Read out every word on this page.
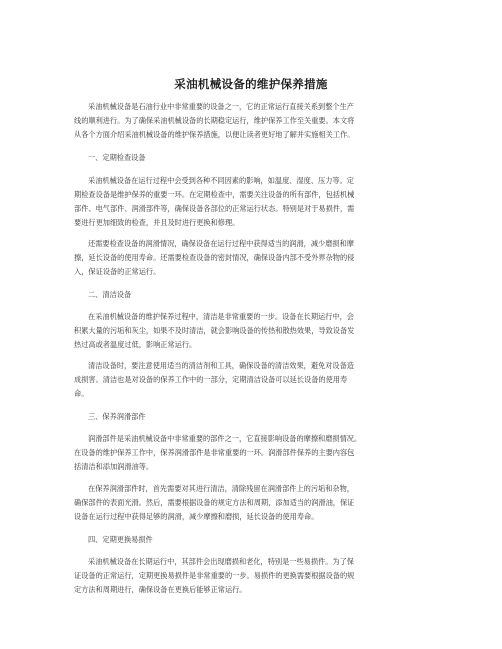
采油机械设备的维护保养措施
采油机械设备是石油行业中非常重要的设备之一，它的正常运行直接关系到整个生产
线的顺利进行。为了确保采油机械设备的长期稳定运行，维护保养工作至关重要。本文将
从各个方面介绍采油机械设备的维护保养措施，以便让读者更好地了解并实施相关工作。
一、定期检查设备
采油机械设备在运行过程中会受到各种不同因素的影响，如温度、湿度、压力等。定
期检查设备是维护保养的重要一环。在定期检查中，需要关注设备的所有部件，包括机械
部件、电气部件、润滑部件等，确保设备各部位的正常运行状态。特别是对于易损件，需
要进行更加细致的检查，并且及时进行更换和修理。
还需要检查设备的润滑情况，确保设备在运行过程中获得适当的润滑，减少磨损和摩
擦，延长设备的使用寿命。还需要检查设备的密封情况，确保设备内部不受外界杂物的侵
入，保证设备的正常运行。
二、清洁设备
在采油机械设备的维护保养过程中，清洁是非常重要的一步。设备在长期运行中，会
积累大量的污垢和灰尘，如果不及时清洁，就会影响设备的传热和散热效果，导致设备发
热过高或者温度过低，影响正常运行。
清洁设备时，要注意使用适当的清洁剂和工具，确保设备的清洁效果，避免对设备造
成损害。清洁也是对设备的保养工作中的一部分，定期清洁设备可以延长设备的使用寿
命。
三、保养润滑部件
润滑部件是采油机械设备中非常重要的部件之一，它直接影响设备的摩擦和磨损情况。
在设备的维护保养工作中，保养润滑部件是非常重要的一环。润滑部件保养的主要内容包
括清洁和添加润滑油等。
在保养润滑部件时，首先需要对其进行清洁，清除残留在润滑部件上的污垢和杂物，
确保部件的表面光滑。然后，需要根据设备的规定方法和周期，添加适当的润滑油，保证
设备在运行过程中获得足够的润滑，减少摩擦和磨损，延长设备的使用寿命。
四、定期更换易损件
采油机械设备在长期运行中，其部件会出现磨损和老化，特别是一些易损件。为了保
证设备的正常运行，定期更换易损件是非常重要的一步。易损件的更换需要根据设备的规
定方法和周期进行，确保设备在更换后能够正常运行。
